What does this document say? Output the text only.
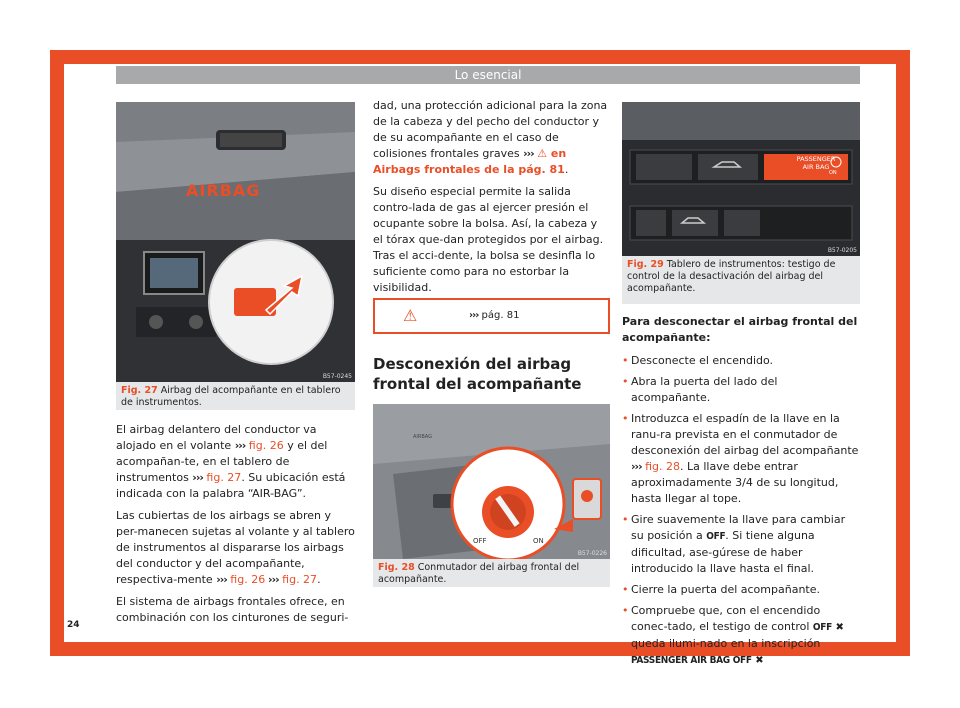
Lo esencial
AIRBAG
B57-0245
Fig. 27 Airbag del acompañante en el tablero de instrumentos.

El airbag delantero del conductor va alojado en el volante ››› fig. 26 y el del acompañan-te, en el tablero de instrumentos ››› fig. 27. Su ubicación está indicada con la palabra “AIR-BAG”.

Las cubiertas de los airbags se abren y per-manecen sujetas al volante y al tablero de instrumentos al dispararse los airbags del conductor y del acompañante, respectiva-mente ››› fig. 26 ››› fig. 27.

El sistema de airbags frontales ofrece, en combinación con los cinturones de seguri-

24

dad, una protección adicional para la zona de la cabeza y del pecho del conductor y de su acompañante en el caso de colisiones frontales graves ››› ⚠ en Airbags frontales de la pág. 81.

Su diseño especial permite la salida contro-lada de gas al ejercer presión el ocupante sobre la bolsa. Así, la cabeza y el tórax que-dan protegidos por el airbag. Tras el acci-dente, la bolsa se desinfla lo suficiente como para no estorbar la visibilidad.

⚠	››› pág. 81
Desconexión del airbag frontal del acompañante
PASSENGER
AIR BAG
OFF	ON
AIRBAG
B57-0226
Fig. 28 Conmutador del airbag frontal del acompañante.
PASSENGER
AIR BAG
ON
B57-0205
Fig. 29 Tablero de instrumentos: testigo de control de la desactivación del airbag del acompañante.

Para desconectar el airbag frontal del acompañante:

• Desconecte el encendido.
• Abra la puerta del lado del acompañante.
• Introduzca el espadín de la llave en la ranu-ra prevista en el conmutador de desconexión del airbag del acompañante ››› fig. 28. La llave debe entrar aproximadamente 3/4 de su longitud, hasta llegar al tope.
• Gire suavemente la llave para cambiar su posición a OFF. Si tiene alguna dificultad, ase-gúrese de haber introducido la llave hasta el final.
• Cierre la puerta del acompañante.
• Compruebe que, con el encendido conec-tado, el testigo de control OFF ✖ queda ilumi-nado en la inscripción PASSENGER AIR BAG OFF ✖
